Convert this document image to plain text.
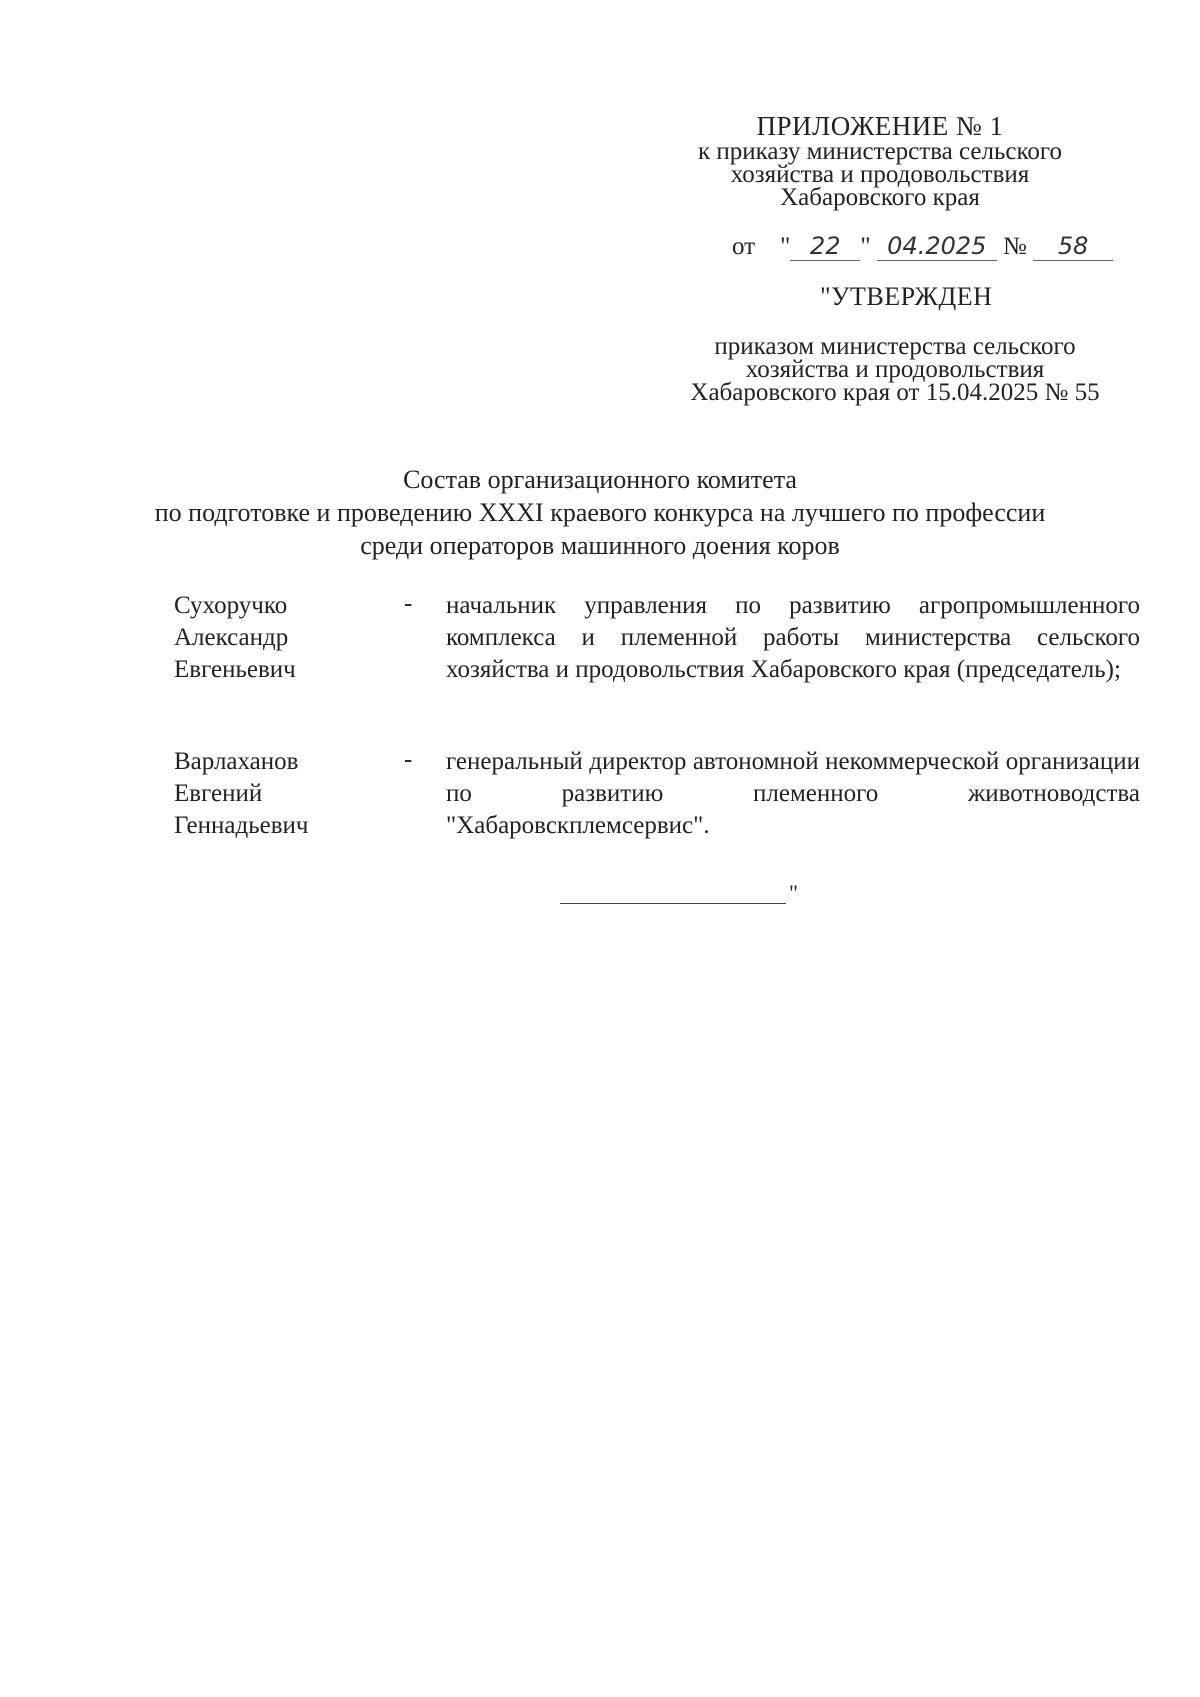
ПРИЛОЖЕНИЕ № 1
к приказу министерства сельского
хозяйства и продовольствия
Хабаровского края
от    " 22 " 04.2025 № 58
"УТВЕРЖДЕН
приказом министерства сельского
хозяйства и продовольствия
Хабаровского края от 15.04.2025 № 55
Состав организационного комитета
по подготовке и проведению XXXI краевого конкурса на лучшего по профессии
среди операторов машинного доения коров
Сухоручко
Александр
Евгеньевич
- начальник управления по развитию агропромышленного комплекса и племенной работы министерства сельского хозяйства и продовольствия Хабаровского края (председатель);
Варлаханов
Евгений
Геннадьевич
- генеральный директор автономной некоммерческой организации по развитию племенного животноводства "Хабаровскплемсервис".
"
